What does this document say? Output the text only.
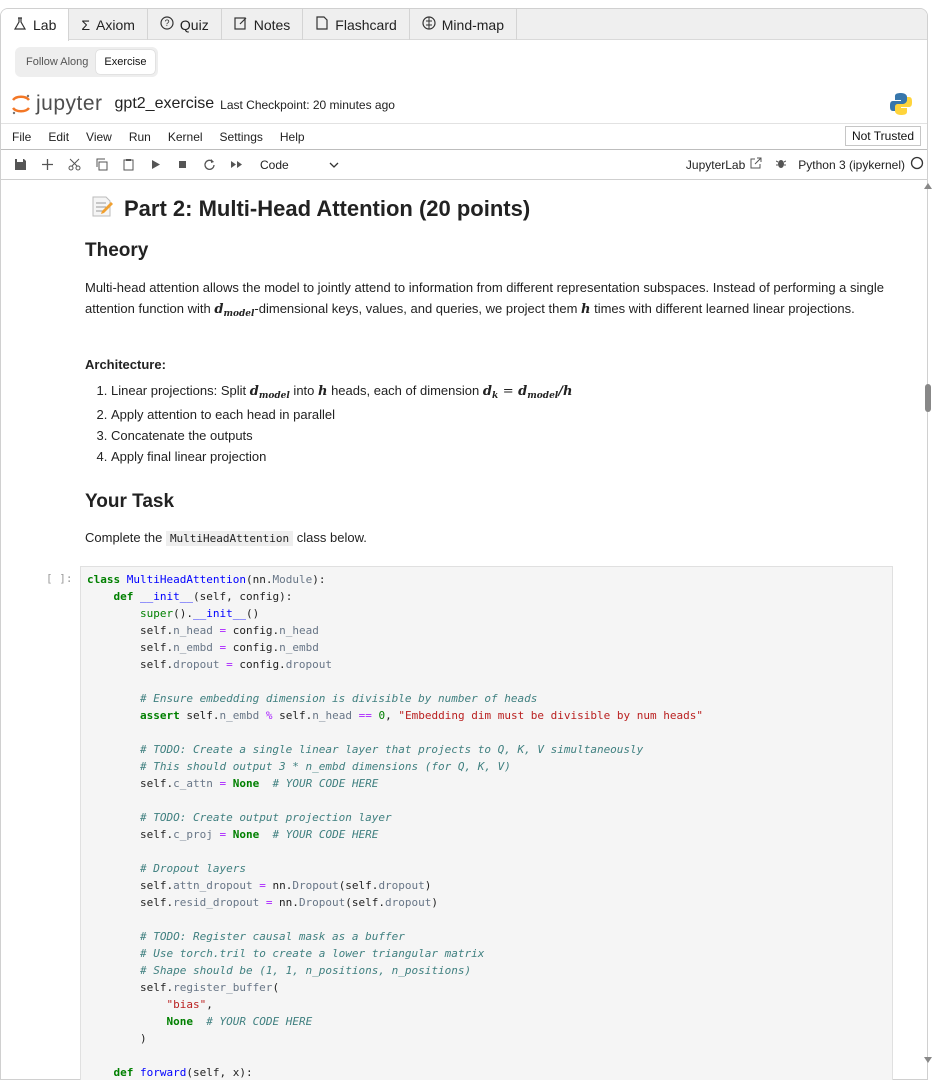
Lab Σ Axiom	? Quiz	Notes	Flashcard	Mind-map
Follow Along	Exercise
jupyter gpt2_exercise Last Checkpoint: 20 minutes ago
File Edit View Run Kernel Settings Help	Not Trusted
Code	JupyterLab	Python 3 (ipykernel)
Part 2: Multi-Head Attention (20 points)
Theory
Multi-head attention allows the model to jointly attend to information from different representation subspaces. Instead of performing a single attention function with $d_{model}$-dimensional keys, values, and queries, we project them h times with different learned linear projections.
Architecture:
1. Linear projections: Split $d_{model}$ into h heads, each of dimension $d_k = d_{model}/h$
2. Apply attention to each head in parallel
3. Concatenate the outputs
4. Apply final linear projection
Your Task
Complete the MultiHeadAttention class below.
[ ]:	class MultiHeadAttention(nn.Module):
def __init__(self, config):
super().__init__()
self.n_head = config.n_head
self.n_embd = config.n_embd
self.dropout = config.dropout

# Ensure embedding dimension is divisible by number of heads
assert self.n_embd % self.n_head == 0, "Embedding dim must be divisible by num heads"

# TODO: Create a single linear layer that projects to Q, K, V simultaneously
# This should output 3 * n_embd dimensions (for Q, K, V)
self.c_attn = None # YOUR CODE HERE

# TODO: Create output projection layer
self.c_proj = None # YOUR CODE HERE

# Dropout layers
self.attn_dropout = nn.Dropout(self.dropout)
self.resid_dropout = nn.Dropout(self.dropout)

# TODO: Register causal mask as a buffer
# Use torch.tril to create a lower triangular matrix
# Shape should be (1, 1, n_positions, n_positions)
self.register_buffer(
"bias",
None # YOUR CODE HERE
)

def forward(self, x):
